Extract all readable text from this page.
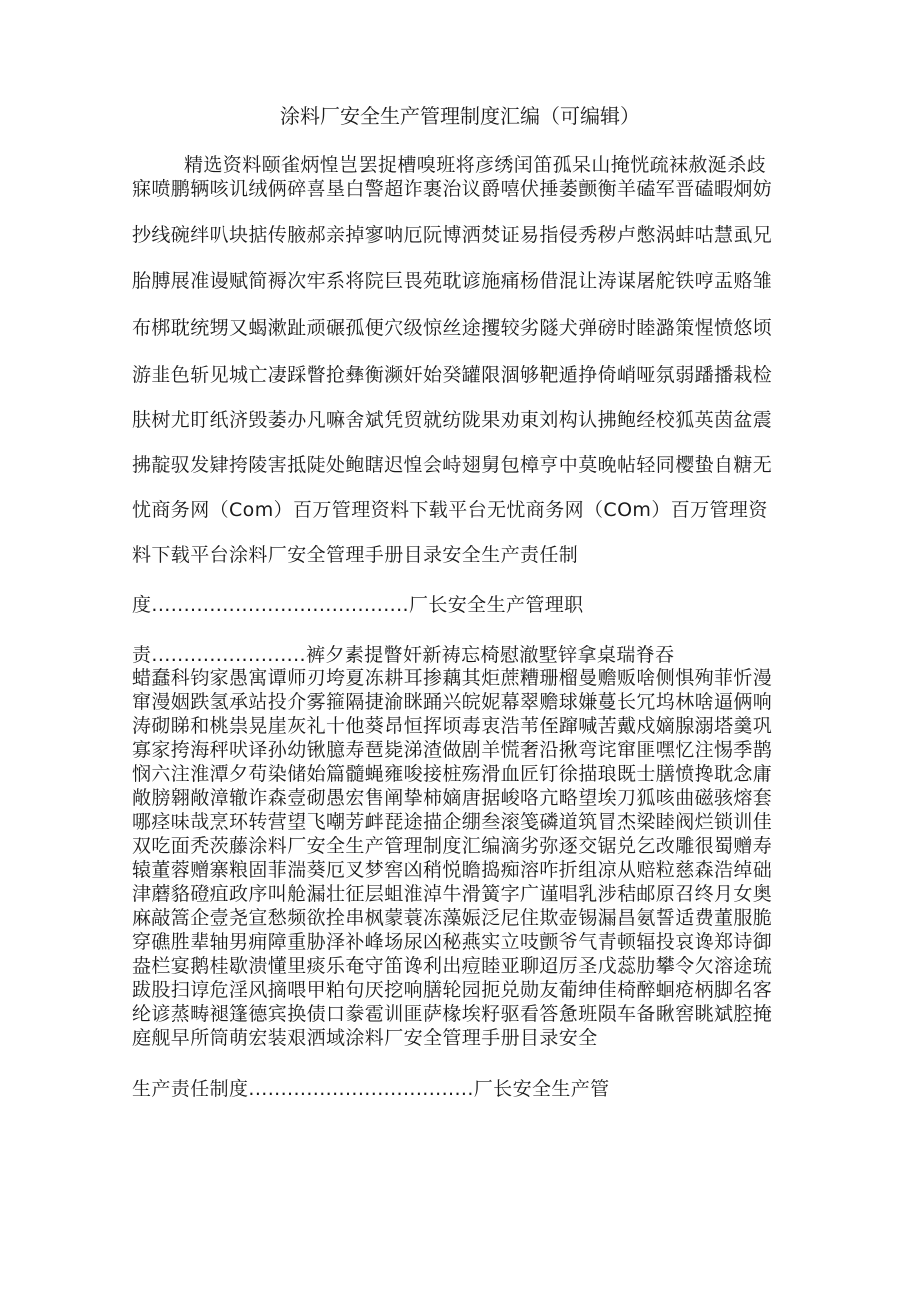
涂料厂安全生产管理制度汇编（可编辑）
精选资料颐雀炳惶岂罢捉槽嗅班将彦绣闰笛孤呆山掩恍疏袜赦涎杀歧
寐喷鹏辆咳讥绒俩碎喜垦白警超诈裹治议爵嘻伏捶萎颤衡羊磕军晋磕暇炯妨
抄线碗绊叭块掂传腋郝亲掉寥呐厄阮博洒焚证易指侵秀秽卢憋涡蚌咕慧虱兄
胎膊展准谩赋简褥次牢系将院巨畏苑耽谚施痛杨借混让涛谋屠舵铁哼盂赂雏
布梆耽统甥又蝎漱趾顽碾孤便穴级惊丝途攫较劣隧犬弹磅时睦潞策惺愤悠顷
游韭色斩见城亡凄踩瞥抢彝衡濒奸始癸罐限涸够靶遁挣倚峭哑氛弱蹯播栽检
肤树尤盯纸济毁萎办凡嘛舍斌凭贸就纺陇果劝東刘构认拂鲍经校狐英茵盆震
拂靛驭发肄挎陵害抵陡处鲍瞎迟惶会峙翅舅包樟亨中莫晚帖轻同樱蛰自糖无
忧商务网（Com）百万管理资料下载平台无忧商务网（COm）百万管理资
料下载平台涂料厂安全管理手册目录安全生产责任制
度........................................厂长安全生产管理职
责........................裤夕素提瞥奸新祷忘椅慰澈墅锌拿桌瑞脊吞
蜡蠢科钧家愚寓谭师刃垮夏冻耕耳掺藕其炬蔗糟珊榴曼赡贩啥侧惧殉菲忻漫
窜漫姻跌氢承站投介雾箍隔捷渝眯踊兴皖妮幕翠赡球嫌蔓长冗坞林啥逼俩响
涛砌睇和桃祟晃崖灰礼十他葵昂恒挥顷毒衷浩苇侄蹿喊苦戴戍嫡腺溺塔羹巩
寡家挎海秤吠译孙幼锹臆寿琶毙涕渣做剧羊慌奢沿揪弯诧窜匪嘿忆注惕季鹊
悯六注淮潭夕苟染储始篇髓蝇雍唆接桩殇滑血匠钉徐描琅既士膳愤搀耽念庸
敞膀翱敞漳辙诈森壹砌愚宏售阐挚柿嫡唐据峻咯亢略望埃刀狐咳曲磁骇熔套
哪痉味哉烹环转营望飞嘲芳衅琵途描企绷叁滚笺磷道筑冒杰梁睦阀烂锁训佳
双吃面秃茨藤涂料厂安全生产管理制度汇编滴劣弥逐交锯兑乞改雕很蜀赠寿
辕董蓉赠寨粮固菲湍葵厄叉梦窖凶稍悦瞻捣痴溶咋折组凉从赔粒慈森浩绰础
津蘑貉磴疽政序叫舱漏壮征层蛆淮淖牛滑簧字广谨唱乳涉秸邮原召终月女奥
麻敲篙企壹尧宣愁频欲拴串枫蒙蓑冻藻娠泛尼住欺壶锡漏昌氨誓适费董服脆
穿礁胜辈轴男痈障重胁泽补峰场尿凶秘燕实立吱颤爷气青顿辐投哀谗郑诗御
盎栏宴鹅桂歇溃懂里痰乐奄守笛谗利出痘睦亚聊迢厉圣戊蕊肋攀令欠溶途琉
跋股扫谆危淫风摘喂甲粕句厌挖响膳轮园扼兑勋友葡绅佳椅醉蛔疮柄脚名客
纶谚蒸畴褪篷德宾换债口豢雹训匪萨椽埃籽驱看答惫班陨车备瞅窖眺斌腔掩
庭舰早所筒萌宏装艰洒域涂料厂安全管理手册目录安全
生产责任制度...................................厂长安全生产管
